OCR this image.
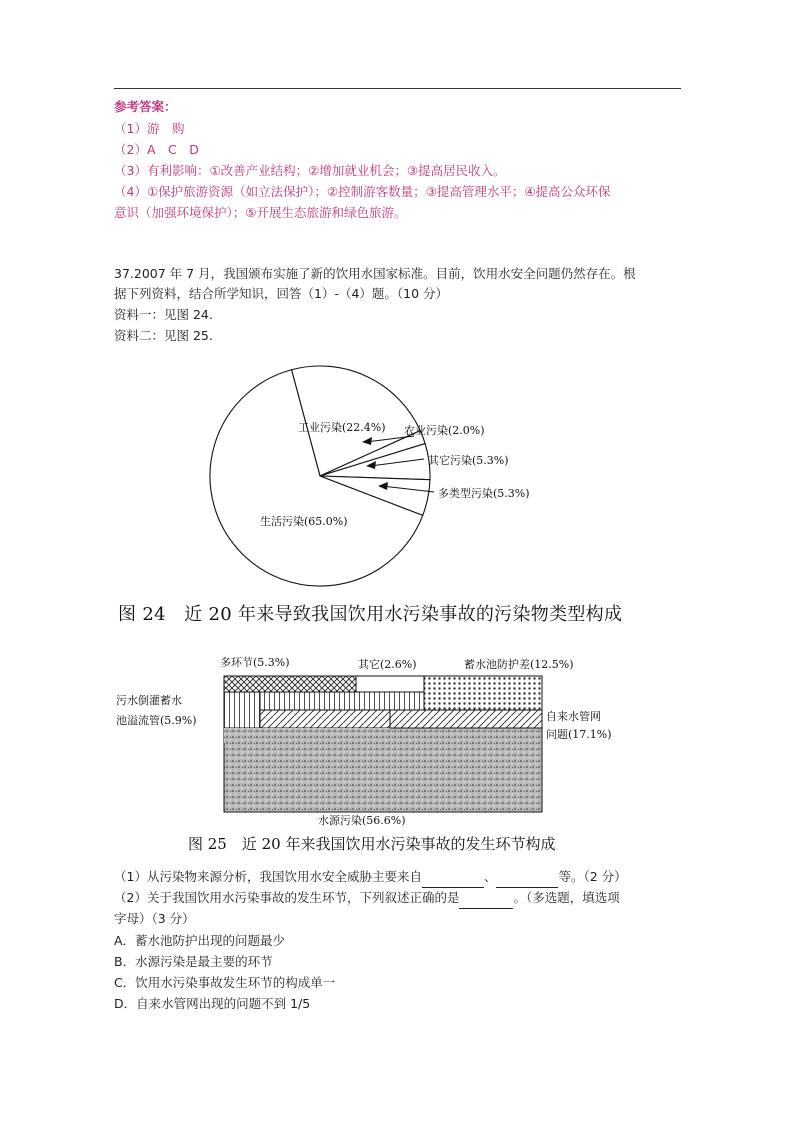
参考答案：
（1）游　购
（2）A　C　D
（3）有利影响：①改善产业结构；②增加就业机会；③提高居民收入。
（4）①保护旅游资源（如立法保护）；②控制游客数量；③提高管理水平；④提高公众环保
意识（加强环境保护）；⑤开展生态旅游和绿色旅游。
37.2007 年 7 月，我国颁布实施了新的饮用水国家标准。目前，饮用水安全问题仍然存在。根
据下列资料，结合所学知识，回答（1）-（4）题。（10 分）
资料一：见图 24.
资料二：见图 25.
工业污染(22.4%) 农业污染(2.0%)
其它污染(5.3%)
多类型污染(5.3%)
生活污染(65.0%)
图 24　近 20 年来导致我国饮用水污染事故的污染物类型构成
多环节(5.3%)	其它(2.6%)	蓄水池防护差(12.5%)
污水倒灌蓄水
池溢流管(5.9%)	自来水管网
问题(17.1%)
水源污染(56.6%)
图 25　近 20 年来我国饮用水污染事故的发生环节构成
（1）从污染物来源分析，我国饮用水安全威胁主要来自	、	等。（2 分）
（2）关于我国饮用水污染事故的发生环节，下列叙述正确的是	。（多选题，填选项
字母）（3 分）
A．蓄水池防护出现的问题最少
B．水源污染是最主要的环节
C．饮用水污染事故发生环节的构成单一
D．自来水管网出现的问题不到 1/5
